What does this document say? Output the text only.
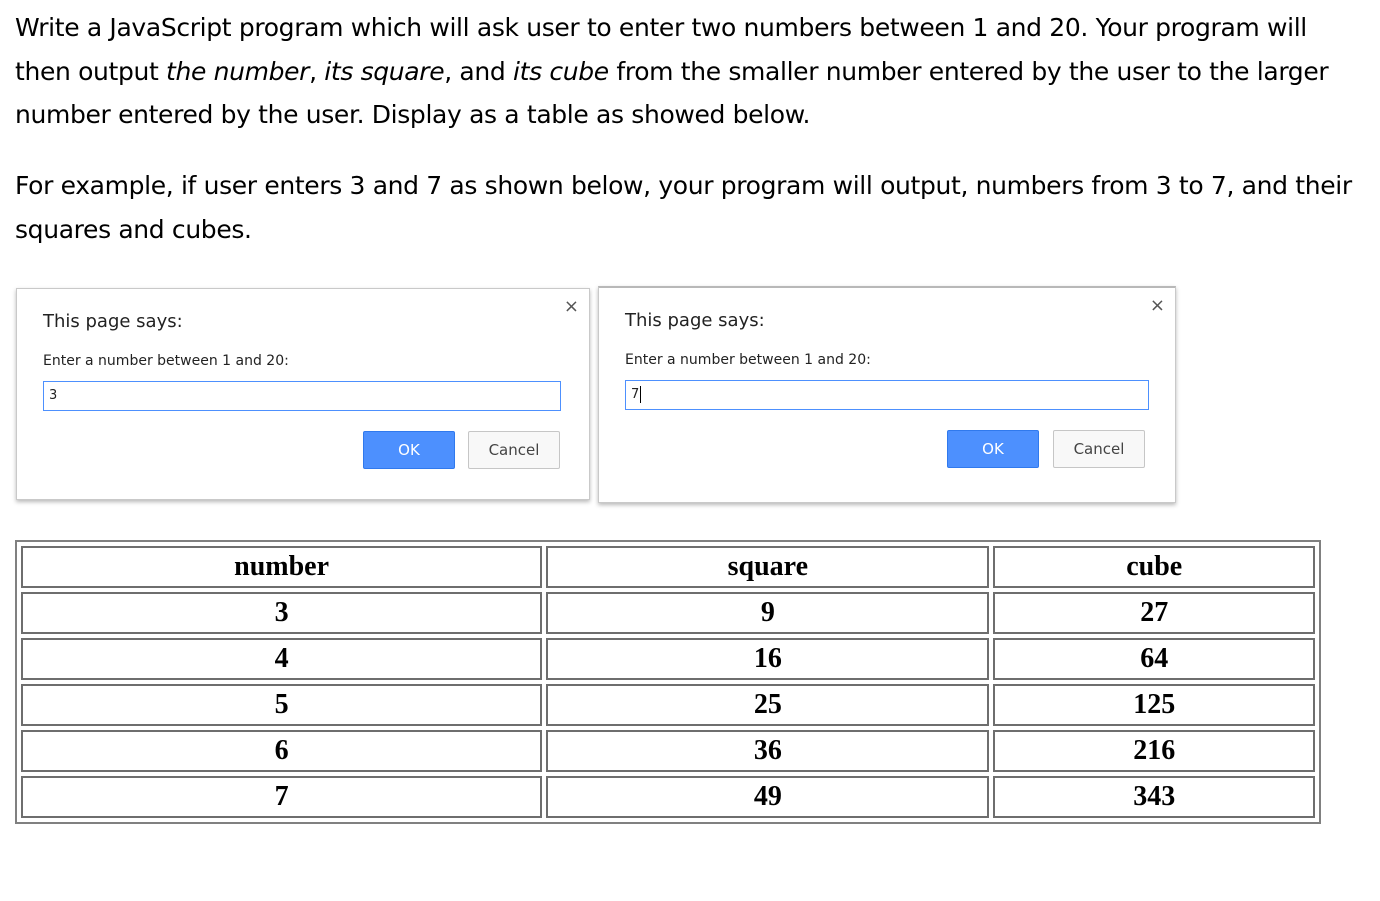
Write a JavaScript program which will ask user to enter two numbers between 1 and 20. Your program will then output the number, its square, and its cube from the smaller number entered by the user to the larger number entered by the user. Display as a table as showed below.

For example, if user enters 3 and 7 as shown below, your program will output, numbers from 3 to 7, and their squares and cubes.

×
This page says:
Enter a number between 1 and 20:
3
OK	Cancel
×
This page says:
Enter a number between 1 and 20:
7
OK	Cancel
number	square	cube
3	9	27
4	16	64
5	25	125
6	36	216
7	49	343
